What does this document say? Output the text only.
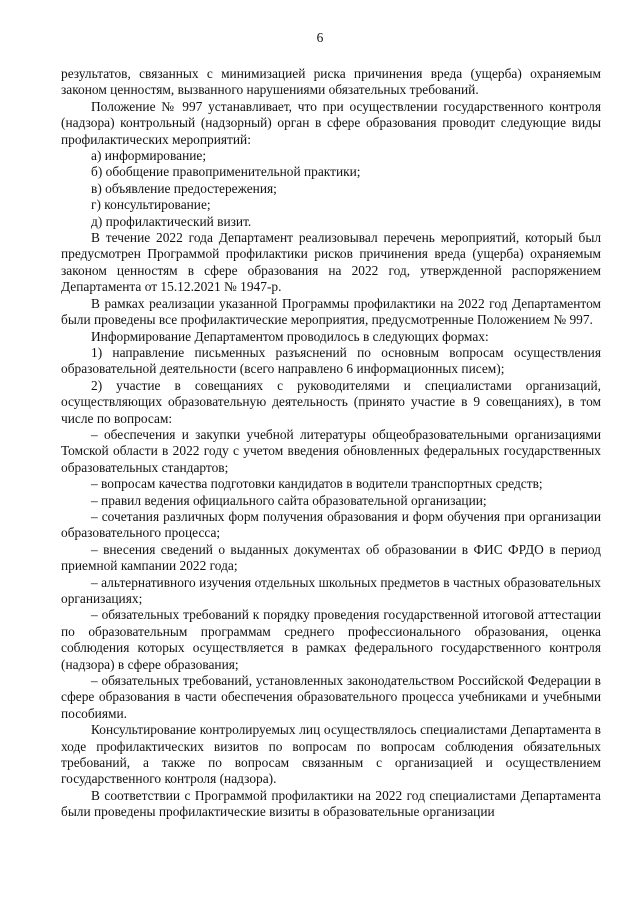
6

результатов, связанных с минимизацией риска причинения вреда (ущерба) охраняемым законом ценностям, вызванного нарушениями обязательных требований.

Положение № 997 устанавливает, что при осуществлении государственного контроля (надзора) контрольный (надзорный) орган в сфере образования проводит следующие виды профилактических мероприятий:

а) информирование;

б) обобщение правоприменительной практики;

в) объявление предостережения;

г) консультирование;

д) профилактический визит.

В течение 2022 года Департамент реализовывал перечень мероприятий, который был предусмотрен Программой профилактики рисков причинения вреда (ущерба) охраняемым законом ценностям в сфере образования на 2022 год, утвержденной распоряжением Департамента от 15.12.2021 № 1947-р.

В рамках реализации указанной Программы профилактики на 2022 год Департаментом были проведены все профилактические мероприятия, предусмотренные Положением № 997.

Информирование Департаментом проводилось в следующих формах:

1) направление письменных разъяснений по основным вопросам осуществления образовательной деятельности (всего направлено 6 информационных писем);

2) участие в совещаниях с руководителями и специалистами организаций, осуществляющих образовательную деятельность (принято участие в 9 совещаниях), в том числе по вопросам:

– обеспечения и закупки учебной литературы общеобразовательными организациями Томской области в 2022 году с учетом введения обновленных федеральных государственных образовательных стандартов;

– вопросам качества подготовки кандидатов в водители транспортных средств;

– правил ведения официального сайта образовательной организации;

– сочетания различных форм получения образования и форм обучения при организации образовательного процесса;

– внесения сведений о выданных документах об образовании в ФИС ФРДО в период приемной кампании 2022 года;

– альтернативного изучения отдельных школьных предметов в частных образовательных организациях;

– обязательных требований к порядку проведения государственной итоговой аттестации по образовательным программам среднего профессионального образования, оценка соблюдения которых осуществляется в рамках федерального государственного контроля (надзора) в сфере образования;

– обязательных требований, установленных законодательством Российской Федерации в сфере образования в части обеспечения образовательного процесса учебниками и учебными пособиями.

Консультирование контролируемых лиц осуществлялось специалистами Департамента в ходе профилактических визитов по вопросам по вопросам соблюдения обязательных требований, а также по вопросам связанным с организацией и осуществлением государственного контроля (надзора).

В соответствии с Программой профилактики на 2022 год специалистами Департамента были проведены профилактические визиты в образовательные организации
